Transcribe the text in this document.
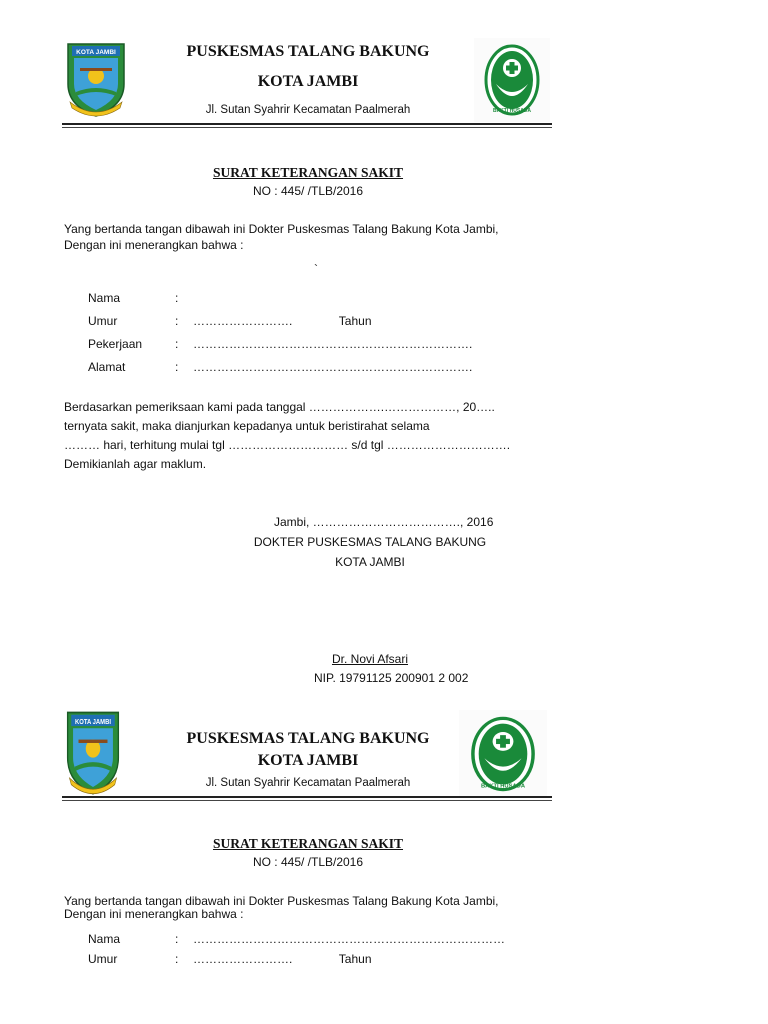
KOTA JAMBI	PUSKESMAS TALANG BAKUNG
KOTA JAMBI
Jl. Sutan Syahrir Kecamatan Paalmerah	BAKTI HUSADA
SURAT KETERANGAN SAKIT
NO : 445/ /TLB/2016
Yang bertanda tangan dibawah ini Dokter Puskesmas Talang Bakung Kota Jambi,
Dengan ini menerangkan bahwa :
`
Nama	:
Umur	: …………………….              Tahun
Pekerjaan	: …………………………………………………………….
Alamat	: …………………………………………………………….
Berdasarkan pemeriksaan kami pada tanggal ……………….………………, 20…..
ternyata sakit, maka dianjurkan kepadanya untuk beristirahat selama
……… hari, terhitung mulai tgl ………………………… s/d tgl ………………………….
Demikianlah agar maklum.
Jambi, ………………………………., 2016
DOKTER PUSKESMAS TALANG BAKUNG
KOTA JAMBI
Dr. Novi Afsari
NIP. 19791125 200901 2 002
KOTA JAMBI
PUSKESMAS TALANG BAKUNG
KOTA JAMBI
Jl. Sutan Syahrir Kecamatan Paalmerah	BAKTI HUSADA
SURAT KETERANGAN SAKIT
NO : 445/ /TLB/2016
Yang bertanda tangan dibawah ini Dokter Puskesmas Talang Bakung Kota Jambi,
Dengan ini menerangkan bahwa :
Nama	: ……………………………………………………………………
Umur	: …………………….              Tahun
